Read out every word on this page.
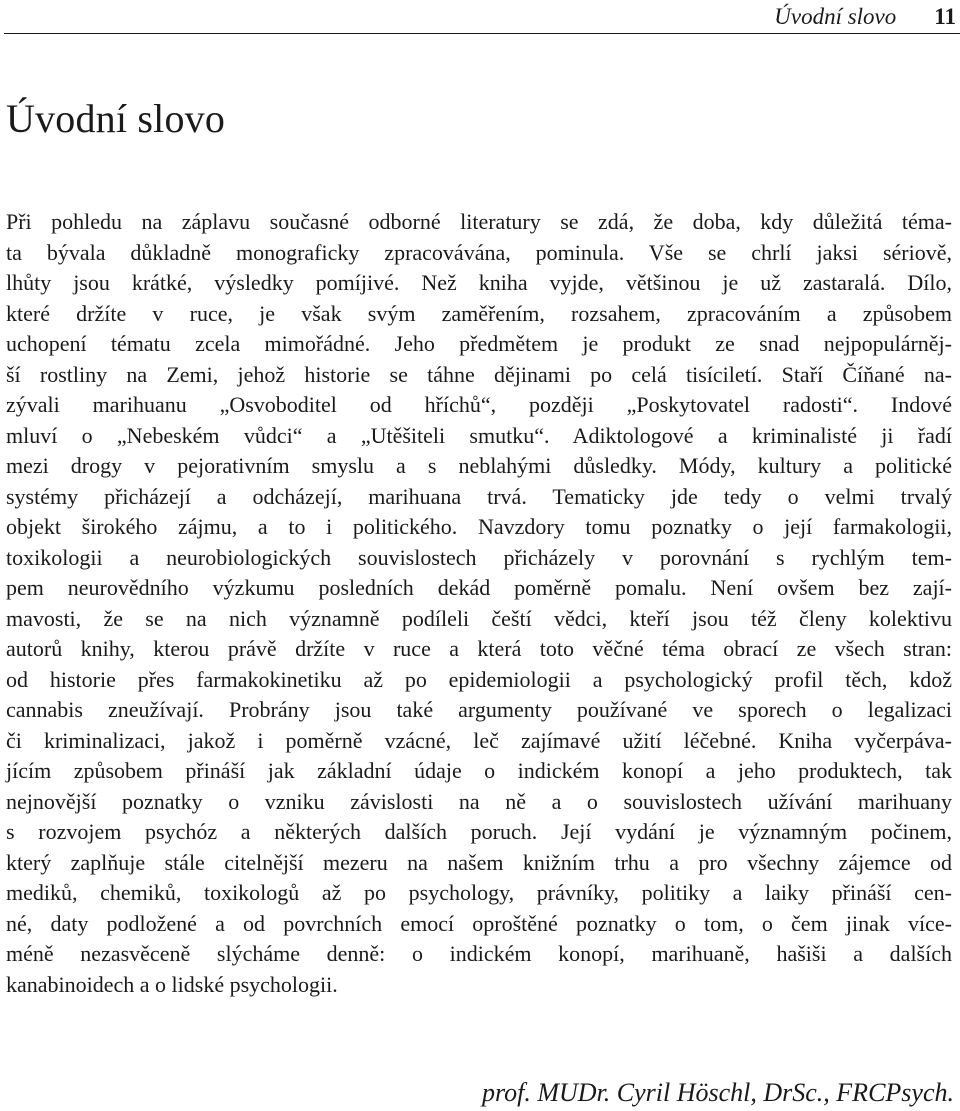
Úvodní slovo 11
Úvodní slovo
Při pohledu na záplavu současné odborné literatury se zdá, že doba, kdy důležitá téma-
ta bývala důkladně monograficky zpracovávána, pominula. Vše se chrlí jaksi sériově,
lhůty jsou krátké, výsledky pomíjivé. Než kniha vyjde, většinou je už zastaralá. Dílo,
které držíte v ruce, je však svým zaměřením, rozsahem, zpracováním a způsobem
uchopení tématu zcela mimořádné. Jeho předmětem je produkt ze snad nejpopulárněj-
ší rostliny na Zemi, jehož historie se táhne dějinami po celá tisíciletí. Staří Číňané na-
zývali marihuanu „Osvoboditel od hříchů“, později „Poskytovatel radosti“. Indové
mluví o „Nebeském vůdci“ a „Utěšiteli smutku“. Adiktologové a kriminalisté ji řadí
mezi drogy v pejorativním smyslu a s neblahými důsledky. Módy, kultury a politické
systémy přicházejí a odcházejí, marihuana trvá. Tematicky jde tedy o velmi trvalý
objekt širokého zájmu, a to i politického. Navzdory tomu poznatky o její farmakologii,
toxikologii a neurobiologických souvislostech přicházely v porovnání s rychlým tem-
pem neurovědního výzkumu posledních dekád poměrně pomalu. Není ovšem bez zají-
mavosti, že se na nich významně podíleli čeští vědci, kteří jsou též členy kolektivu
autorů knihy, kterou právě držíte v ruce a která toto věčné téma obrací ze všech stran:
od historie přes farmakokinetiku až po epidemiologii a psychologický profil těch, kdož
cannabis zneužívají. Probrány jsou také argumenty používané ve sporech o legalizaci
či kriminalizaci, jakož i poměrně vzácné, leč zajímavé užití léčebné. Kniha vyčerpáva-
jícím způsobem přináší jak základní údaje o indickém konopí a jeho produktech, tak
nejnovější poznatky o vzniku závislosti na ně a o souvislostech užívání marihuany
s rozvojem psychóz a některých dalších poruch. Její vydání je významným počinem,
který zaplňuje stále citelnější mezeru na našem knižním trhu a pro všechny zájemce od
mediků, chemiků, toxikologů až po psychology, právníky, politiky a laiky přináší cen-
né, daty podložené a od povrchních emocí oproštěné poznatky o tom, o čem jinak více-
méně nezasvěceně slýcháme denně: o indickém konopí, marihuaně, hašiši a dalších
kanabinoidech a o lidské psychologii.
prof. MUDr. Cyril Höschl, DrSc., FRCPsych.
